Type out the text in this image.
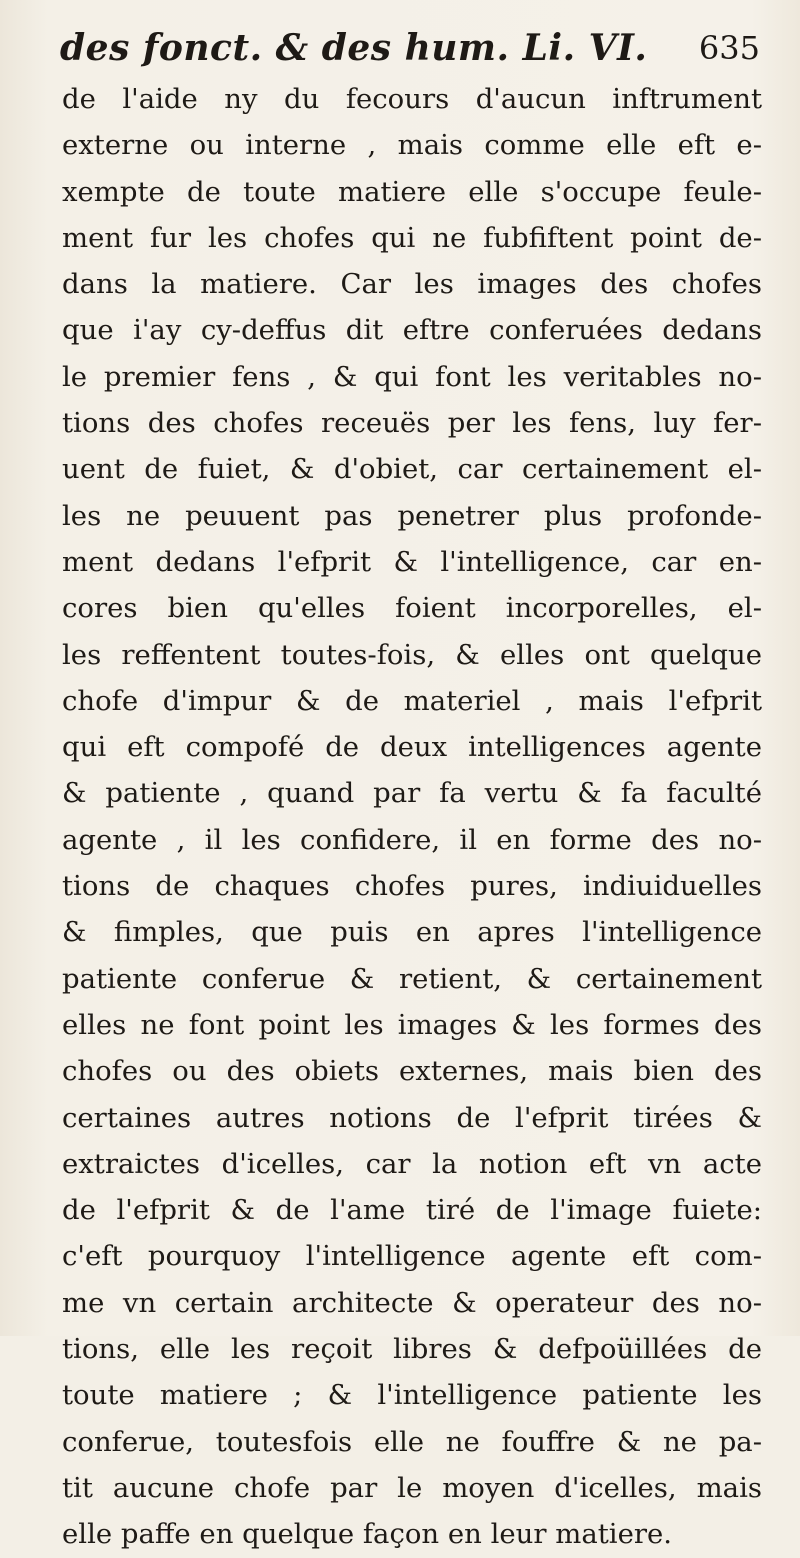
des fonct. & des hum. Li. VI. 635
de l'aide ny du fecours d'aucun inftrument
externe ou interne , mais comme elle eft e-
xempte de toute matiere elle s'occupe feule-
ment fur les chofes qui ne fubfiftent point de-
dans la matiere. Car les images des chofes
que i'ay cy-deffus dit eftre conferuées dedans
le premier fens , & qui font les veritables no-
tions des chofes receuës per les fens, luy fer-
uent de fuiet, & d'obiet, car certainement el-
les ne peuuent pas penetrer plus profonde-
ment dedans l'efprit & l'intelligence, car en-
cores bien qu'elles foient incorporelles, el-
les reffentent toutes-fois, & elles ont quelque
chofe d'impur & de materiel , mais l'efprit
qui eft compofé de deux intelligences agente
& patiente , quand par fa vertu & fa faculté
agente , il les confidere, il en forme des no-
tions de chaques chofes pures, indiuiduelles
& fimples, que puis en apres l'intelligence
patiente conferue & retient, & certainement
elles ne font point les images & les formes des
chofes ou des obiets externes, mais bien des
certaines autres notions de l'efprit tirées &
extraictes d'icelles, car la notion eft vn acte
de l'efprit & de l'ame tiré de l'image fuiete:
c'eft pourquoy l'intelligence agente eft com-
me vn certain architecte & operateur des no-
tions, elle les reçoit libres & defpoüillées de
toute matiere ; & l'intelligence patiente les
conferue, toutesfois elle ne fouffre & ne pa-
tit aucune chofe par le moyen d'icelles, mais
elle paffe en quelque façon en leur matiere.
